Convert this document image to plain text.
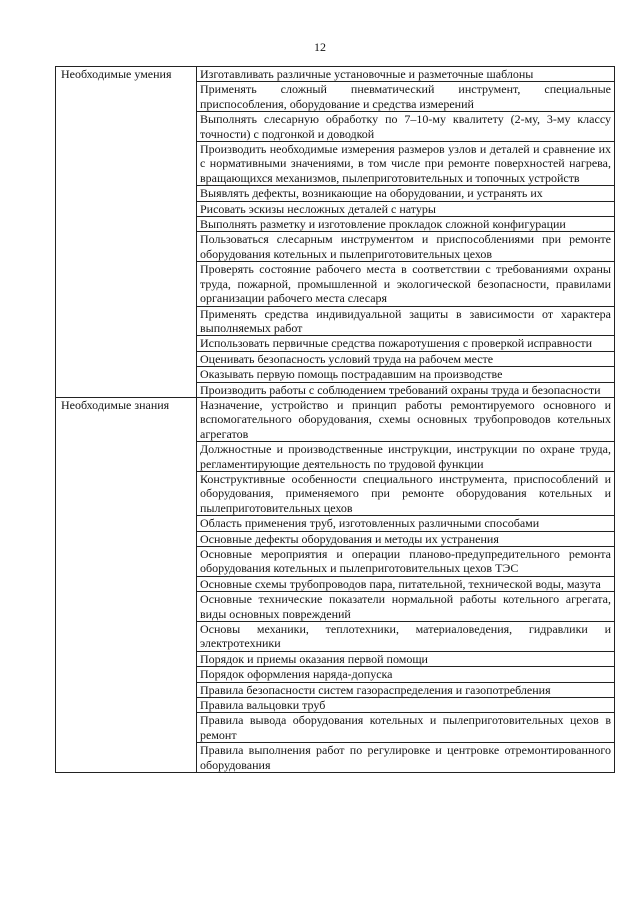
12
Необходимые умения	Изготавливать различные установочные и разметочные шаблоны
	Применять сложный пневматический инструмент, специальные приспособления, оборудование и средства измерений
	Выполнять слесарную обработку по 7–10-му квалитету (2-му, 3-му классу точности) с подгонкой и доводкой
	Производить необходимые измерения размеров узлов и деталей и сравнение их с нормативными значениями, в том числе при ремонте поверхностей нагрева, вращающихся механизмов, пылеприготовительных и топочных устройств
	Выявлять дефекты, возникающие на оборудовании, и устранять их
	Рисовать эскизы несложных деталей с натуры
	Выполнять разметку и изготовление прокладок сложной конфигурации
	Пользоваться слесарным инструментом и приспособлениями при ремонте оборудования котельных и пылеприготовительных цехов
	Проверять состояние рабочего места в соответствии с требованиями охраны труда, пожарной, промышленной и экологической безопасности, правилами организации рабочего места слесаря
	Применять средства индивидуальной защиты в зависимости от характера выполняемых работ
	Использовать первичные средства пожаротушения с проверкой исправности
	Оценивать безопасность условий труда на рабочем месте
	Оказывать первую помощь пострадавшим на производстве
	Производить работы с соблюдением требований охраны труда и безопасности
Необходимые знания	Назначение, устройство и принцип работы ремонтируемого основного и вспомогательного оборудования, схемы основных трубопроводов котельных агрегатов
	Должностные и производственные инструкции, инструкции по охране труда, регламентирующие деятельность по трудовой функции
	Конструктивные особенности специального инструмента, приспособлений и оборудования, применяемого при ремонте оборудования котельных и пылеприготовительных цехов
	Область применения труб, изготовленных различными способами
	Основные дефекты оборудования и методы их устранения
	Основные мероприятия и операции планово-предупредительного ремонта оборудования котельных и пылеприготовительных цехов ТЭС
	Основные схемы трубопроводов пара, питательной, технической воды, мазута
	Основные технические показатели нормальной работы котельного агрегата, виды основных повреждений
	Основы механики, теплотехники, материаловедения, гидравлики и электротехники
	Порядок и приемы оказания первой помощи
	Порядок оформления наряда-допуска
	Правила безопасности систем газораспределения и газопотребления
	Правила вальцовки труб
	Правила вывода оборудования котельных и пылеприготовительных цехов в ремонт
	Правила выполнения работ по регулировке и центровке отремонтированного оборудования
